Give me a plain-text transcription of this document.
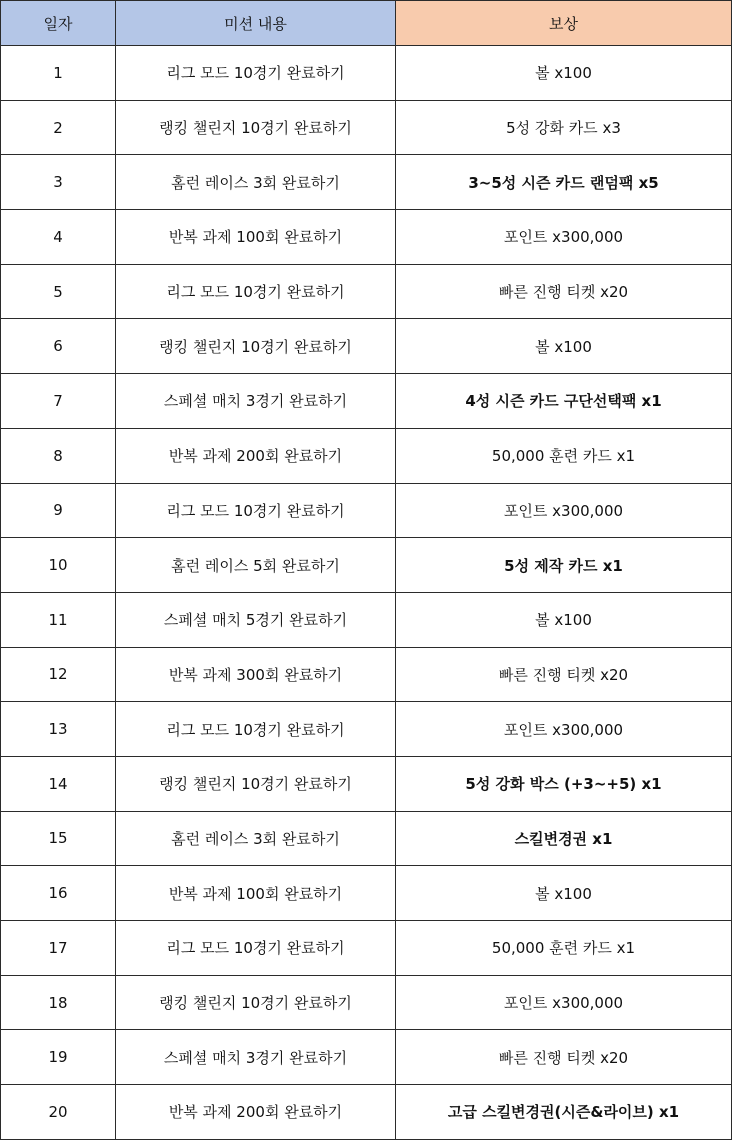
일자	미션 내용	보상
1	리그 모드 10경기 완료하기	볼 x100
2	랭킹 챌린지 10경기 완료하기	5성 강화 카드 x3
3	홈런 레이스 3회 완료하기	3~5성 시즌 카드 랜덤팩 x5
4	반복 과제 100회 완료하기	포인트 x300,000
5	리그 모드 10경기 완료하기	빠른 진행 티켓 x20
6	랭킹 챌린지 10경기 완료하기	볼 x100
7	스페셜 매치 3경기 완료하기	4성 시즌 카드 구단선택팩 x1
8	반복 과제 200회 완료하기	50,000 훈련 카드 x1
9	리그 모드 10경기 완료하기	포인트 x300,000
10	홈런 레이스 5회 완료하기	5성 제작 카드 x1
11	스페셜 매치 5경기 완료하기	볼 x100
12	반복 과제 300회 완료하기	빠른 진행 티켓 x20
13	리그 모드 10경기 완료하기	포인트 x300,000
14	랭킹 챌린지 10경기 완료하기	5성 강화 박스 (+3~+5) x1
15	홈런 레이스 3회 완료하기	스킬변경권 x1
16	반복 과제 100회 완료하기	볼 x100
17	리그 모드 10경기 완료하기	50,000 훈련 카드 x1
18	랭킹 챌린지 10경기 완료하기	포인트 x300,000
19	스페셜 매치 3경기 완료하기	빠른 진행 티켓 x20
20	반복 과제 200회 완료하기	고급 스킬변경권(시즌&라이브) x1
